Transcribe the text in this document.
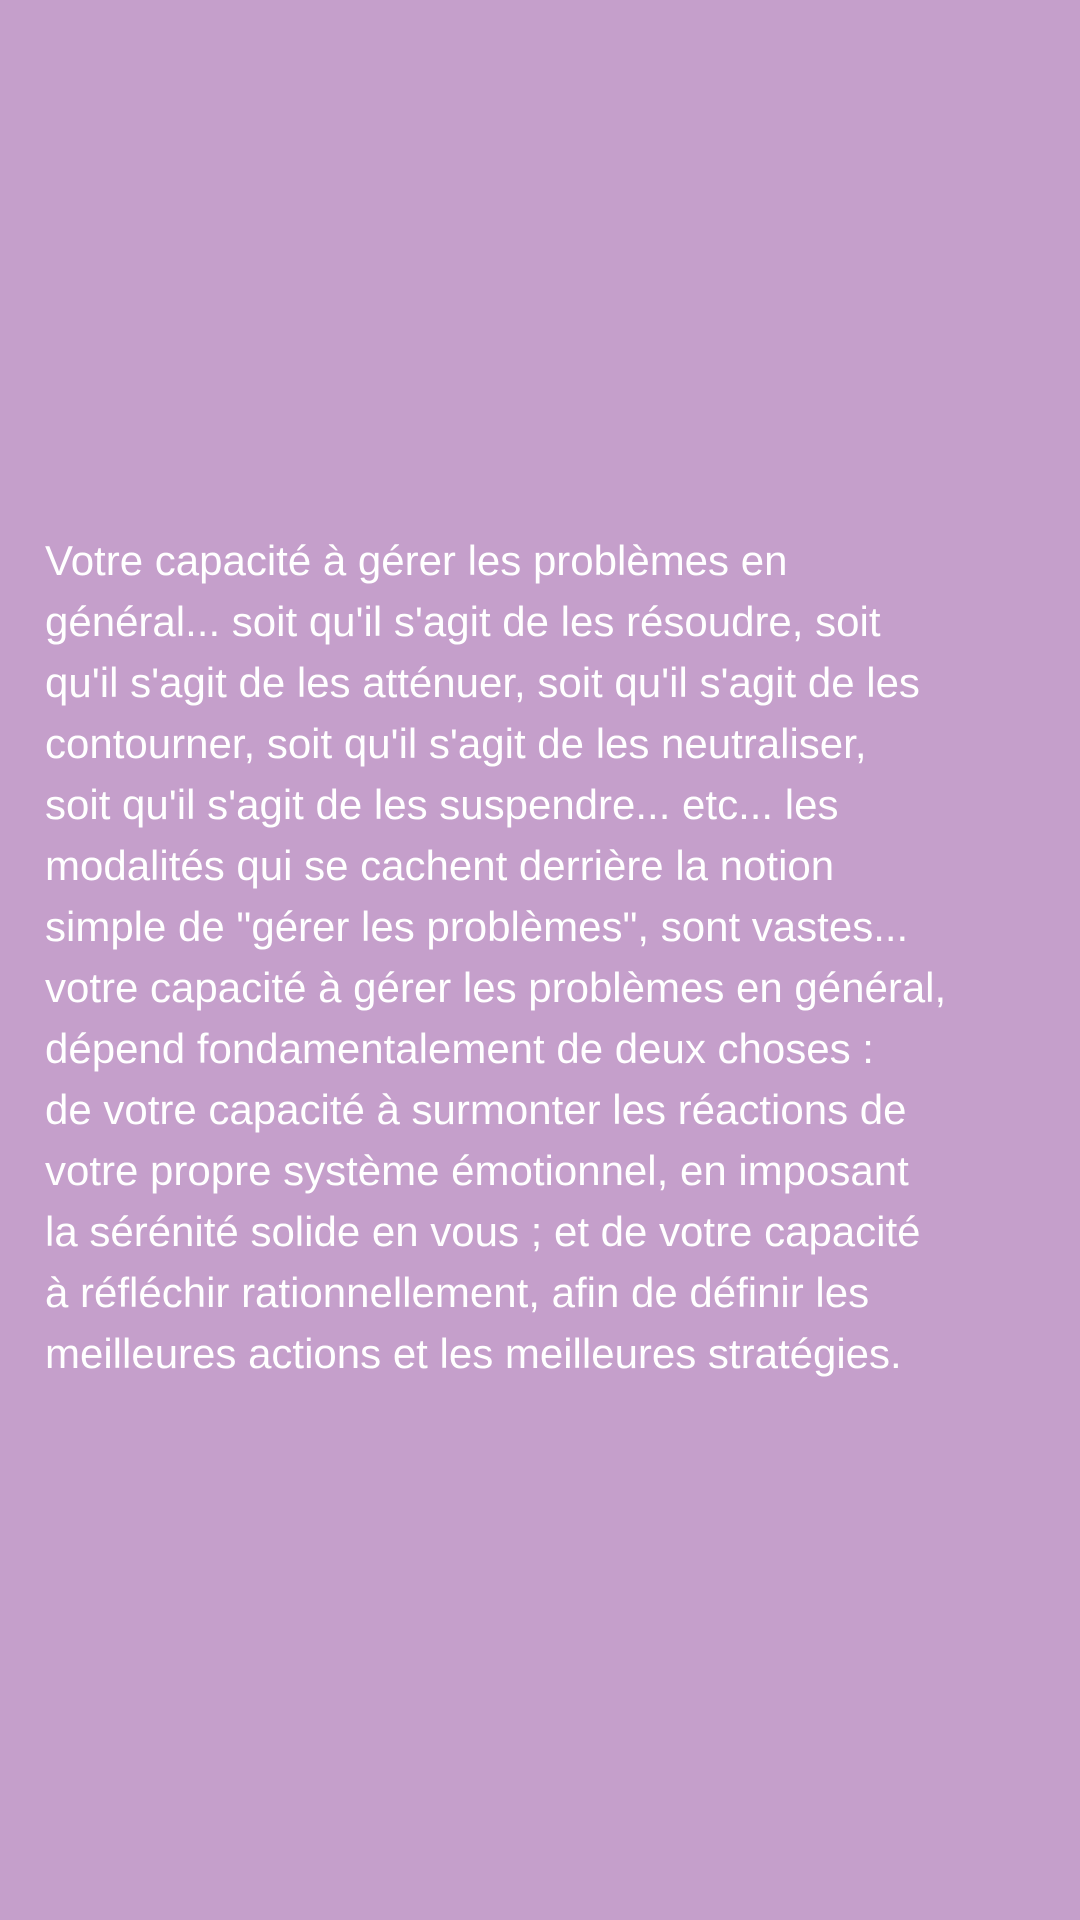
Votre capacité à gérer les problèmes en
général... soit qu'il s'agit de les résoudre, soit
qu'il s'agit de les atténuer, soit qu'il s'agit de les
contourner, soit qu'il s'agit de les neutraliser,
soit qu'il s'agit de les suspendre... etc... les
modalités qui se cachent derrière la notion
simple de "gérer les problèmes", sont vastes...
votre capacité à gérer les problèmes en général,
dépend fondamentalement de deux choses :
de votre capacité à surmonter les réactions de
votre propre système émotionnel, en imposant
la sérénité solide en vous ; et de votre capacité
à réfléchir rationnellement, afin de définir les
meilleures actions et les meilleures stratégies.
